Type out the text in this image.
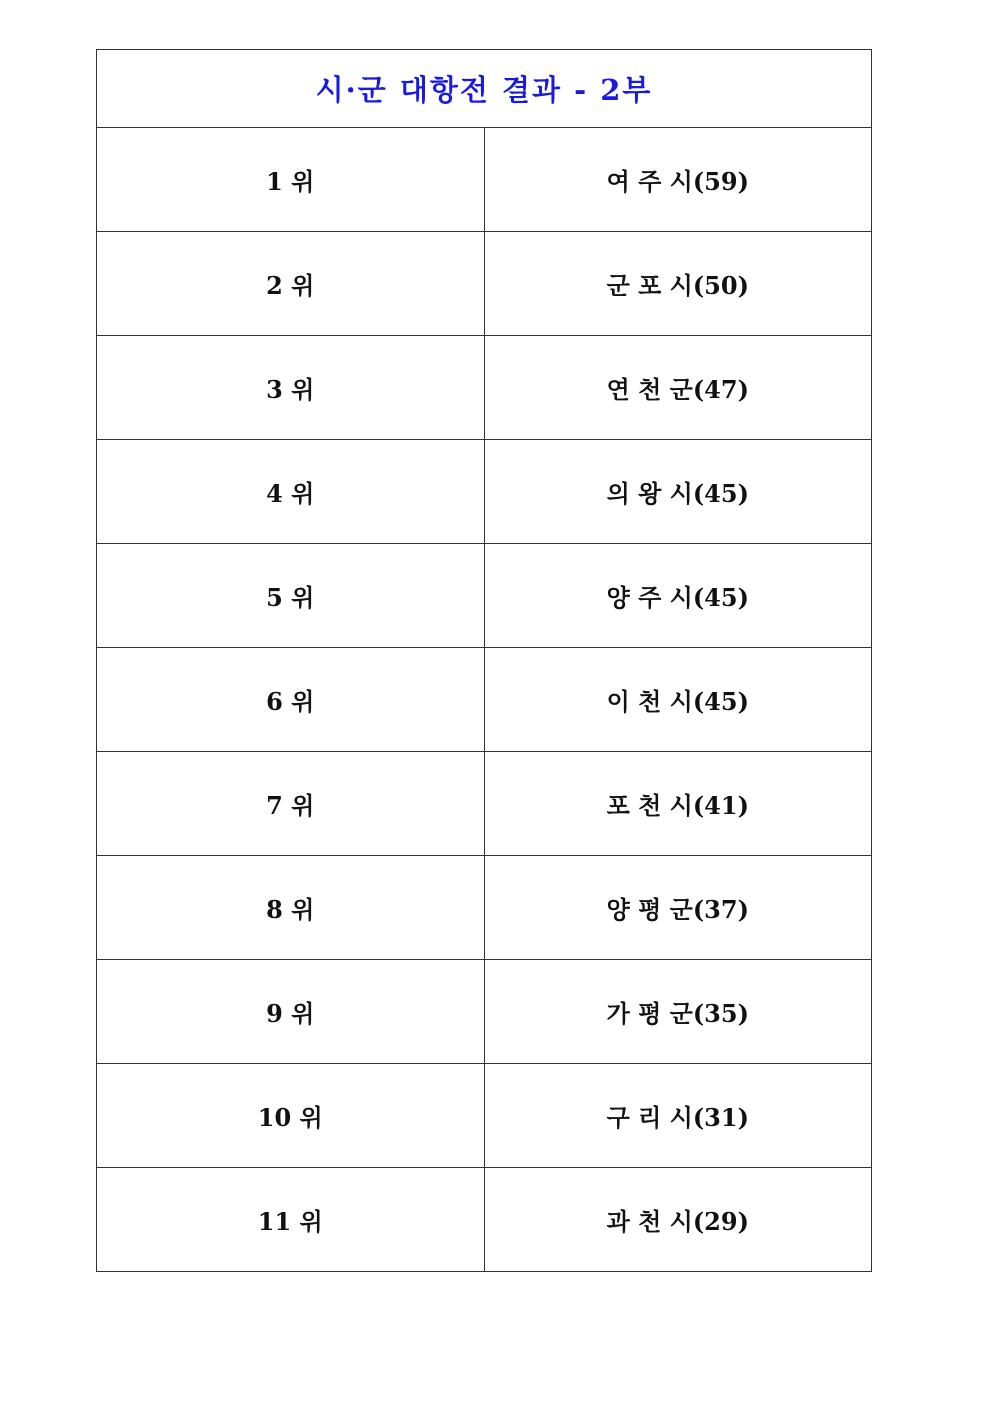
시·군 대항전 결과 - 2부	
1 위	여 주 시(59)
2 위	군 포 시(50)
3 위	연 천 군(47)
4 위	의 왕 시(45)
5 위	양 주 시(45)
6 위	이 천 시(45)
7 위	포 천 시(41)
8 위	양 평 군(37)
9 위	가 평 군(35)
10 위	구 리 시(31)
11 위	과 천 시(29)
